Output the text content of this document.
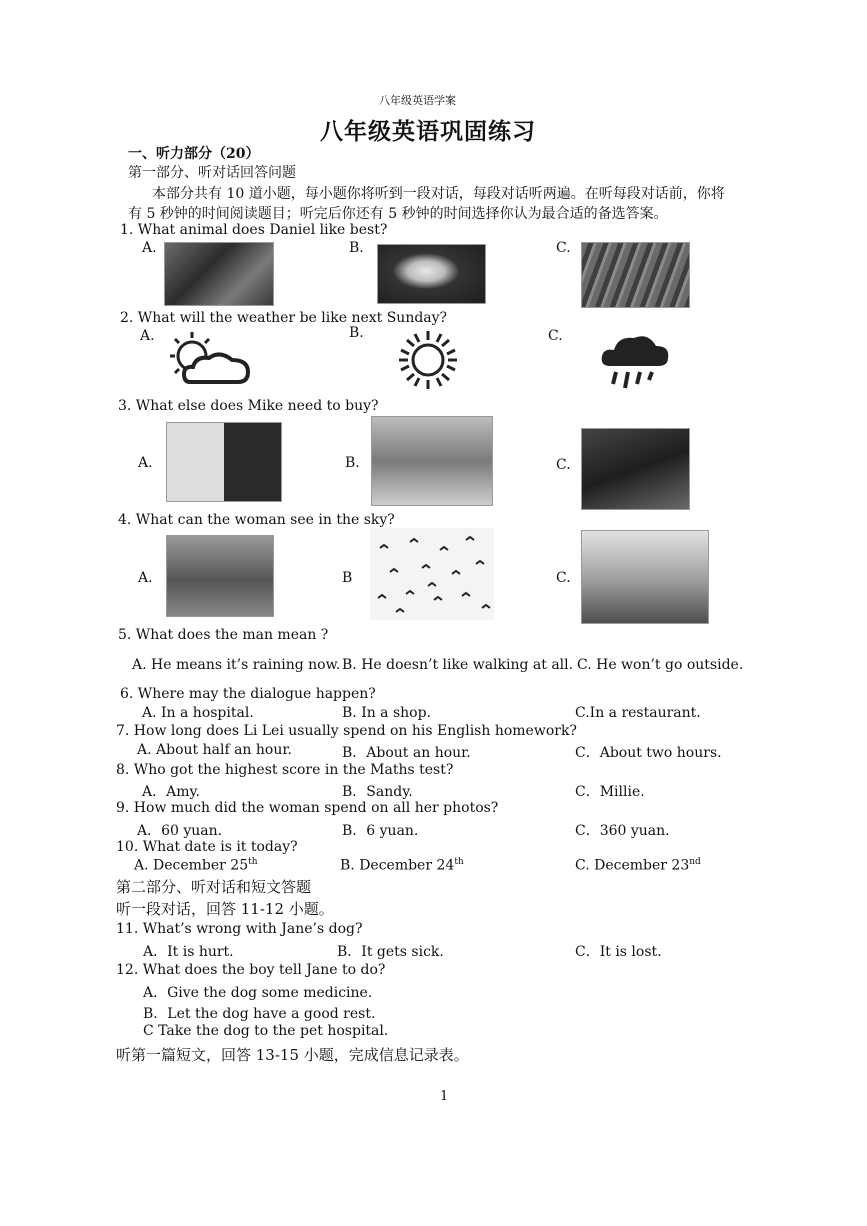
八年级英语学案
八年级英语巩固练习
一、听力部分（20）
第一部分、听对话回答问题
本部分共有 10 道小题，每小题你将听到一段对话，每段对话听两遍。在听每段对话前，你将
有 5 秒钟的时间阅读题目；听完后你还有 5 秒钟的时间选择你认为最合适的备选答案。
1. What animal does Daniel like best?
A.	B.	C.
2. What will the weather be like next Sunday?
A.	B.	C.
3. What else does Mike need to buy?
A.	B.	C.
4. What can the woman see in the sky?
A.	B	C.
5. What does the man mean ?
A. He means it’s raining now. B. He doesn’t like walking at all. C. He won’t go outside.
6. Where may the dialogue happen?
A. In a hospital.	B. In a shop.	C.In a restaurant.
7. How long does Li Lei usually spend on his English homework?
A. About half an hour.	B．About an hour.	C．About two hours.
8. Who got the highest score in the Maths test?
A．Amy.	B．Sandy.	C．Millie.
9. How much did the woman spend on all her photos?
A．60 yuan.	B．6 yuan.	C．360 yuan.
10. What date is it today?
A. December 25th	B. December 24th	C. December 23nd
第二部分、听对话和短文答题
听一段对话，回答 11-12 小题。
11. What’s wrong with Jane’s dog?
A．It is hurt.	B．It gets sick.	C．It is lost.
12. What does the boy tell Jane to do?
A．Give the dog some medicine.
B．Let the dog have a good rest.
C Take the dog to the pet hospital.
听第一篇短文，回答 13-15 小题，完成信息记录表。
1
